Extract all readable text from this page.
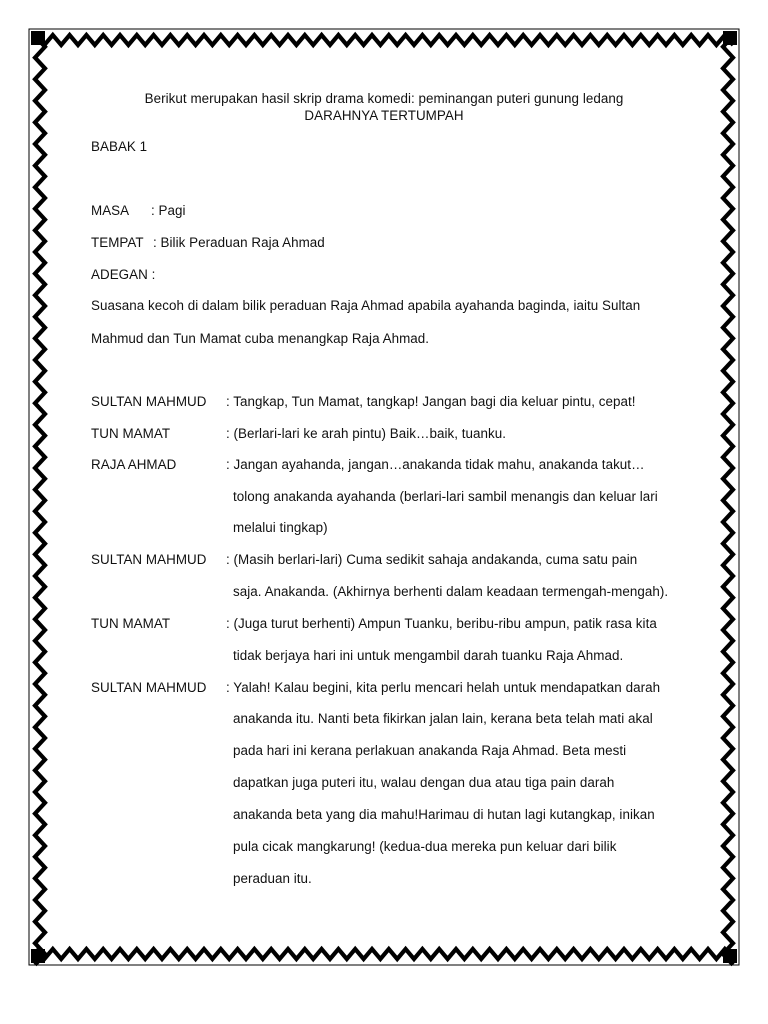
Berikut merupakan hasil skrip drama komedi: peminangan puteri gunung ledang
DARAHNYA TERTUMPAH
BABAK 1
MASA : Pagi
TEMPAT : Bilik Peraduan Raja Ahmad
ADEGAN :
Suasana kecoh di dalam bilik peraduan Raja Ahmad apabila ayahanda baginda, iaitu Sultan
Mahmud dan Tun Mamat cuba menangkap Raja Ahmad.
SULTAN MAHMUD : Tangkap, Tun Mamat, tangkap! Jangan bagi dia keluar pintu, cepat!
TUN MAMAT	: (Berlari-lari ke arah pintu) Baik…baik, tuanku.
RAJA AHMAD	: Jangan ayahanda, jangan…anakanda tidak mahu, anakanda takut…
tolong anakanda ayahanda (berlari-lari sambil menangis dan keluar lari
melalui tingkap)
SULTAN MAHMUD : (Masih berlari-lari) Cuma sedikit sahaja andakanda, cuma satu pain
saja. Anakanda. (Akhirnya berhenti dalam keadaan termengah-mengah).
TUN MAMAT	: (Juga turut berhenti) Ampun Tuanku, beribu-ribu ampun, patik rasa kita
tidak berjaya hari ini untuk mengambil darah tuanku Raja Ahmad.
SULTAN MAHMUD : Yalah! Kalau begini, kita perlu mencari helah untuk mendapatkan darah
anakanda itu. Nanti beta fikirkan jalan lain, kerana beta telah mati akal
pada hari ini kerana perlakuan anakanda Raja Ahmad. Beta mesti
dapatkan juga puteri itu, walau dengan dua atau tiga pain darah
anakanda beta yang dia mahu!Harimau di hutan lagi kutangkap, inikan
pula cicak mangkarung! (kedua-dua mereka pun keluar dari bilik
peraduan itu.
